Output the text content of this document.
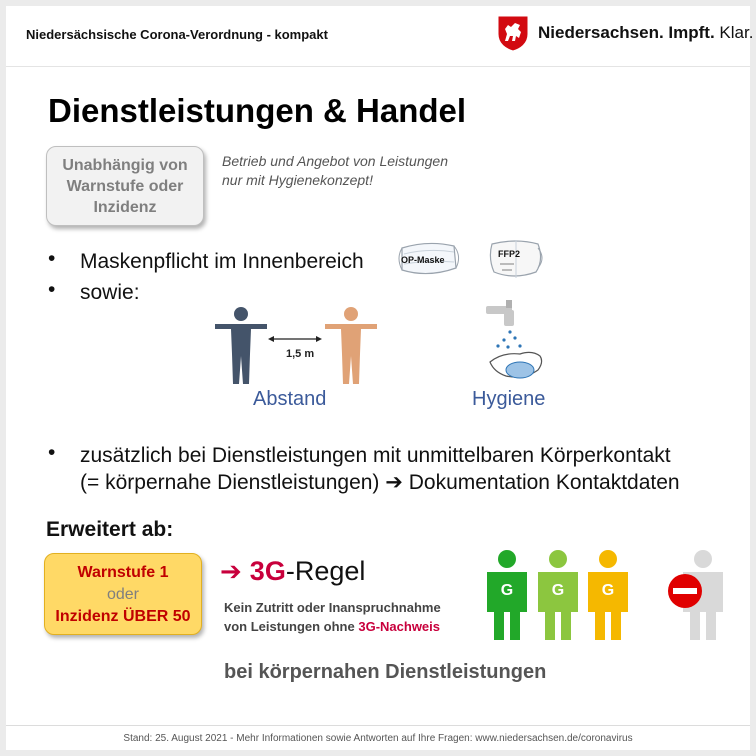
Niedersächsische Corona-Verordnung - kompakt	Niedersachsen. Impft. Klar.
Dienstleistungen & Handel
Unabhängig von
Warnstufe oder
Inzidenz
Betrieb und Angebot von Leistungen
nur mit Hygienekonzept!
• Maskenpflicht im Innenbereich
• sowie:
OP-Maske
FFP2
1,5 m
Abstand	Hygiene
• zusätzlich bei Dienstleistungen mit unmittelbaren Körperkontakt
(= körpernahe Dienstleistungen) ➔ Dokumentation Kontaktdaten
Erweitert ab:
Warnstufe 1
oder
Inzidenz ÜBER 50
➔ 3G -Regel
Kein Zutritt oder Inanspruchnahme
von Leistungen ohne 3G-Nachweis
G G G
bei körpernahen Dienstleistungen
Stand: 25. August 2021 - Mehr Informationen sowie Antworten auf Ihre Fragen: www.niedersachsen.de/coronavirus
